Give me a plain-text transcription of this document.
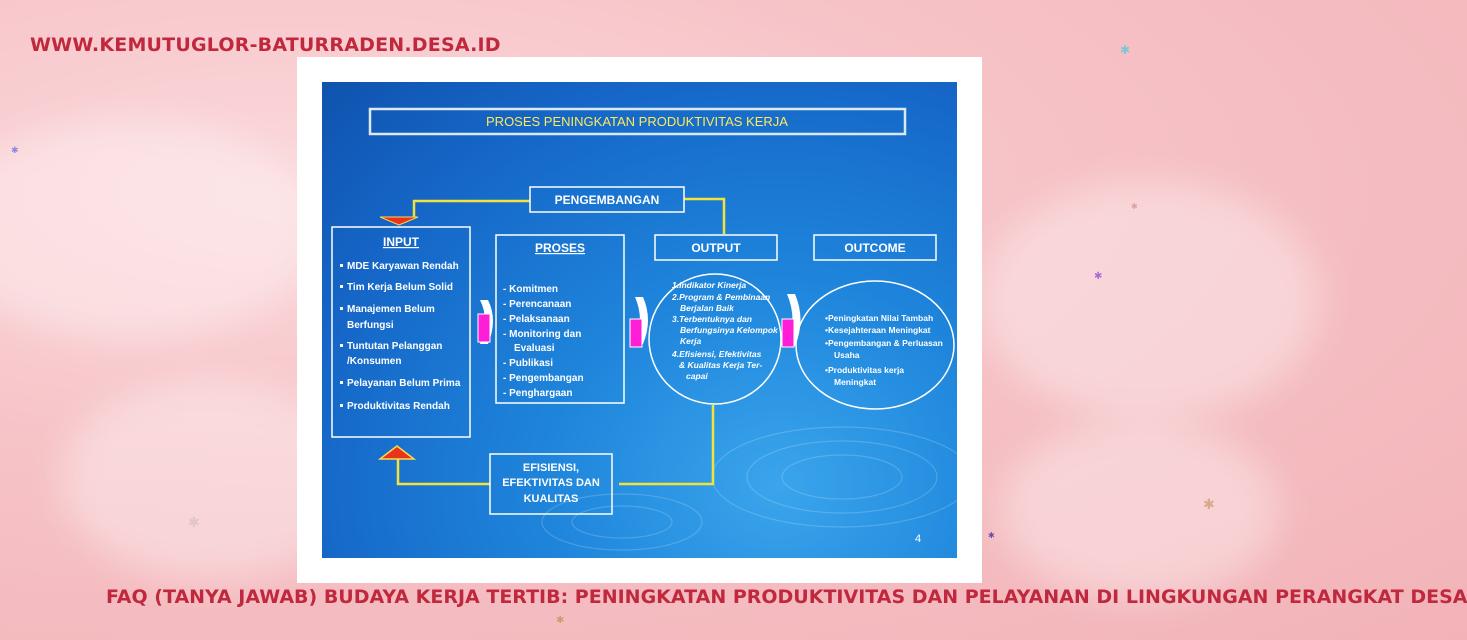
✱
✱
✱
✱
✱
✱
✱
✱
WWW.KEMUTUGLOR-BATURRADEN.DESA.ID
PROSES PENINGKATAN PRODUKTIVITAS KERJA
PENGEMBANGAN
INPUT
MDE Karyawan Rendah
Tim Kerja Belum Solid
Manajemen Belum
Berfungsi
Tuntutan Pelanggan
/Konsumen
Pelayanan Belum Prima
Produktivitas Rendah
PROSES
- Komitmen
- Perencanaan
- Pelaksanaan
- Monitoring dan
Evaluasi
- Publikasi
- Pengembangan
- Penghargaan
OUTPUT
1.Indikator Kinerja
2.Program & Pembinaan
Berjalan Baik
3.Terbentuknya dan
Berfungsinya Kelompok
Kerja
4.Efisiensi, Efektivitas
& Kualitas Kerja Ter-
capai
OUTCOME
•Peningkatan Nilai Tambah
•Kesejahteraan Meningkat
•Pengembangan & Perluasan
Usaha
•Produktivitas kerja
Meningkat
EFISIENSI,
EFEKTIVITAS DAN
KUALITAS
4
FAQ (TANYA JAWAB) BUDAYA KERJA TERTIB: PENINGKATAN PRODUKTIVITAS DAN PELAYANAN DI LINGKUNGAN PERANGKAT DESA
